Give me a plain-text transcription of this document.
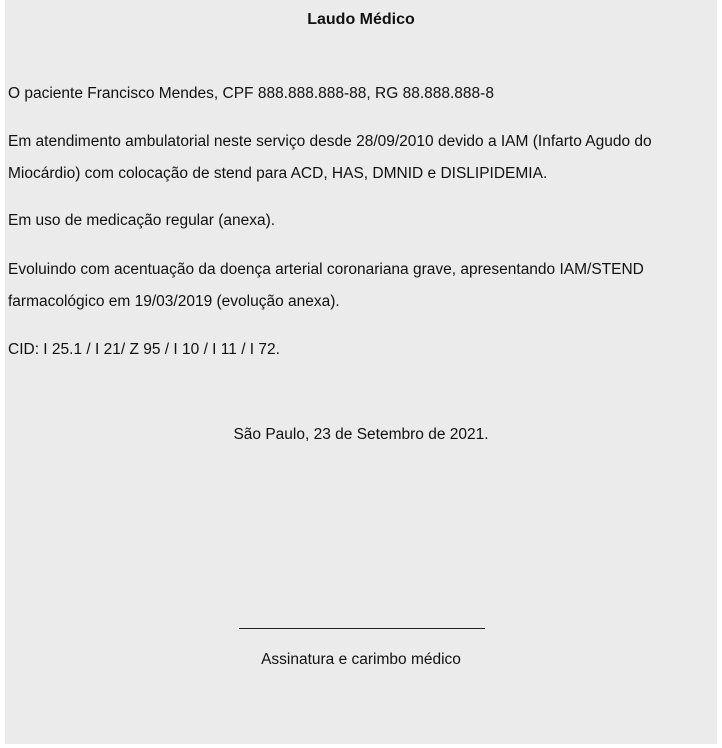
Laudo Médico

O paciente Francisco Mendes, CPF 888.888.888-88, RG 88.888.888-8

Em atendimento ambulatorial neste serviço desde 28/09/2010 devido a IAM (Infarto Agudo do Miocárdio) com colocação de stend para ACD, HAS, DMNID e DISLIPIDEMIA.

Em uso de medicação regular (anexa).

Evoluindo com acentuação da doença arterial coronariana grave, apresentando IAM/STEND farmacológico em 19/03/2019 (evolução anexa).

CID: I 25.1 / I 21/ Z 95 / I 10 / I 11 / I 72.

São Paulo, 23 de Setembro de 2021.
Assinatura e carimbo médico
